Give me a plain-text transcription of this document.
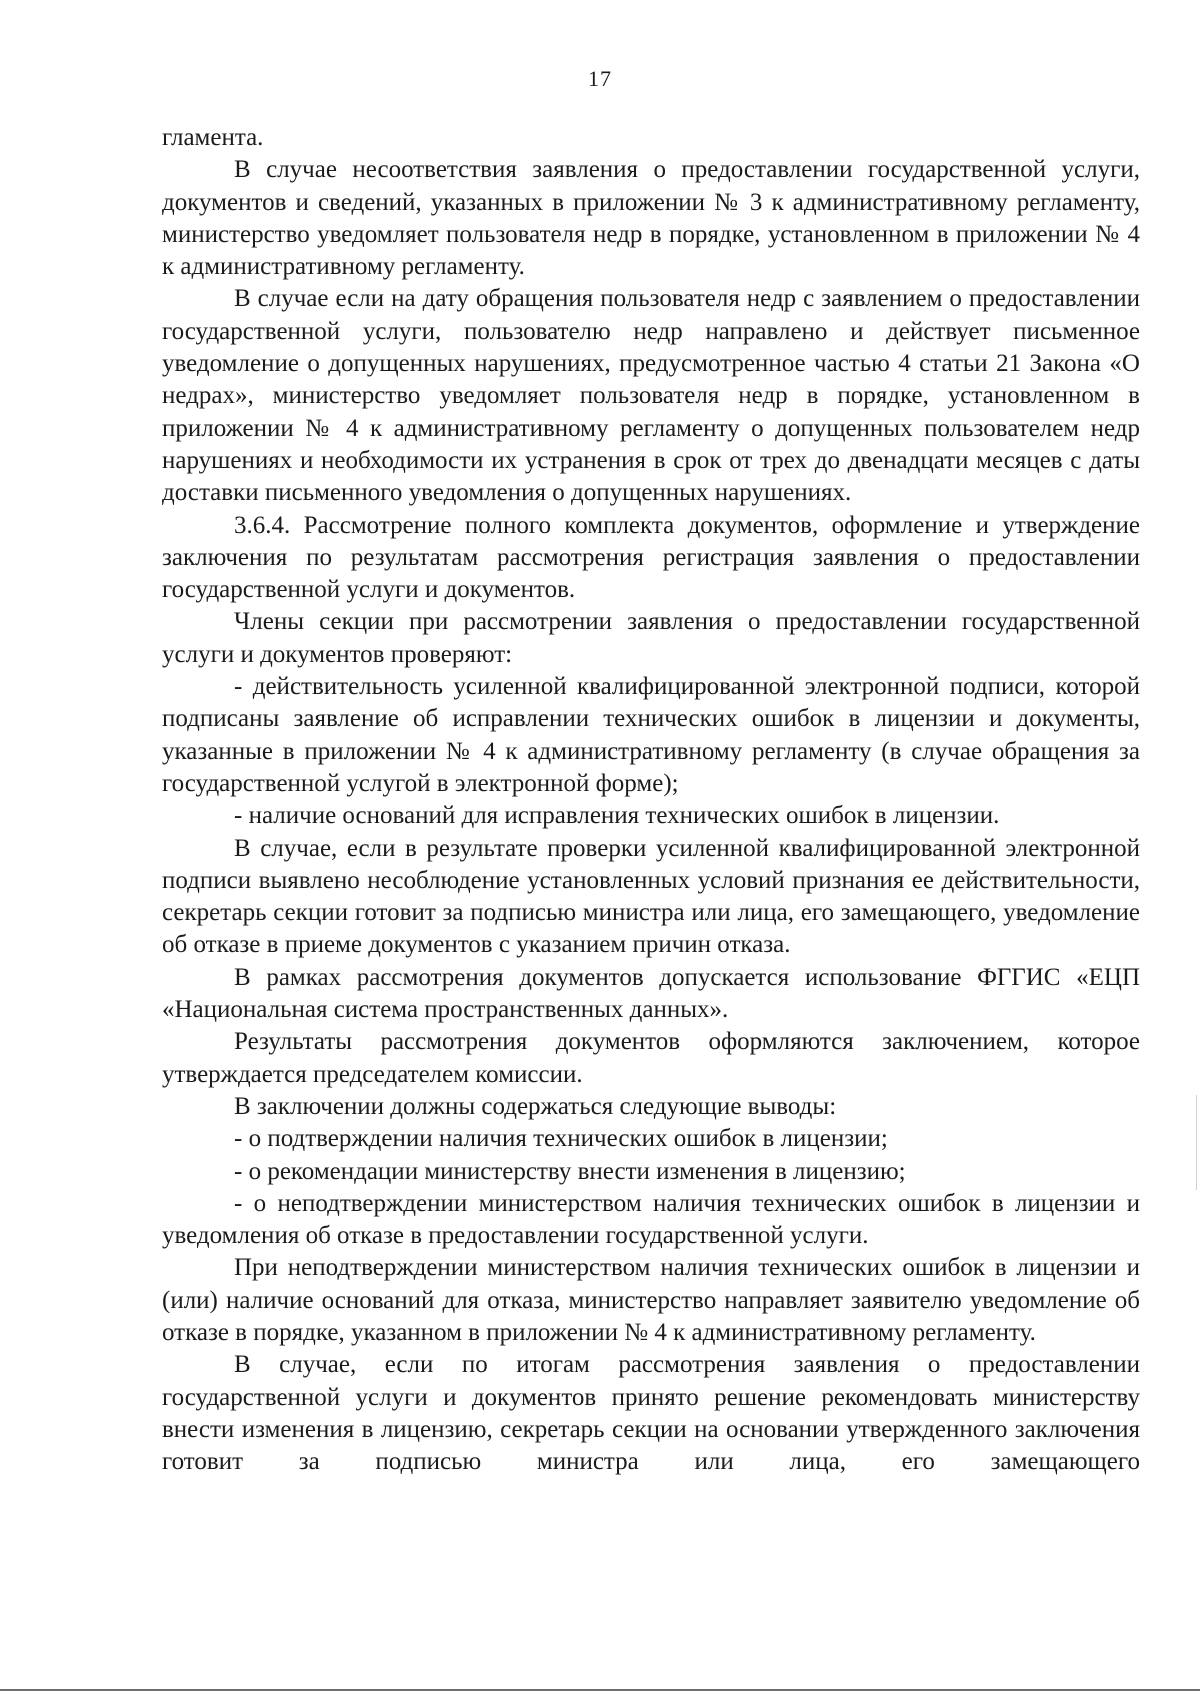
17

гламента.

В случае несоответствия заявления о предоставлении государственной услуги, документов и сведений, указанных в приложении № 3 к административному регламенту, министерство уведомляет пользователя недр в порядке, установленном в приложении № 4 к административному регламенту.

В случае если на дату обращения пользователя недр с заявлением о предоставлении государственной услуги, пользователю недр направлено и действует письменное уведомление о допущенных нарушениях, предусмотренное частью 4 статьи 21 Закона «О недрах», министерство уведомляет пользователя недр в порядке, установленном в приложении № 4 к административному регламенту о допущенных пользователем недр нарушениях и необходимости их устранения в срок от трех до двенадцати месяцев с даты доставки письменного уведомления о допущенных нарушениях.

3.6.4. Рассмотрение полного комплекта документов, оформление и утверждение заключения по результатам рассмотрения регистрация заявления о предоставлении государственной услуги и документов.

Члены секции при рассмотрении заявления о предоставлении государственной услуги и документов проверяют:

- действительность усиленной квалифицированной электронной подписи, которой подписаны заявление об исправлении технических ошибок в лицензии и документы, указанные в приложении № 4 к административному регламенту (в случае обращения за государственной услугой в электронной форме);

- наличие оснований для исправления технических ошибок в лицензии.

В случае, если в результате проверки усиленной квалифицированной электронной подписи выявлено несоблюдение установленных условий признания ее действительности, секретарь секции готовит за подписью министра или лица, его замещающего, уведомление об отказе в приеме документов с указанием причин отказа.

В рамках рассмотрения документов допускается использование ФГГИС «ЕЦП «Национальная система пространственных данных».

Результаты рассмотрения документов оформляются заключением, которое утверждается председателем комиссии.

В заключении должны содержаться следующие выводы:

- о подтверждении наличия технических ошибок в лицензии;

- о рекомендации министерству внести изменения в лицензию;

- о неподтверждении министерством наличия технических ошибок в лицензии и уведомления об отказе в предоставлении государственной услуги.

При неподтверждении министерством наличия технических ошибок в лицензии и (или) наличие оснований для отказа, министерство направляет заявителю уведомление об отказе в порядке, указанном в приложении № 4 к административному регламенту.

В случае, если по итогам рассмотрения заявления о предоставлении государственной услуги и документов принято решение рекомендовать министерству внести изменения в лицензию, секретарь секции на основании утвержденного заключения готовит за подписью министра или лица, его замещающего
